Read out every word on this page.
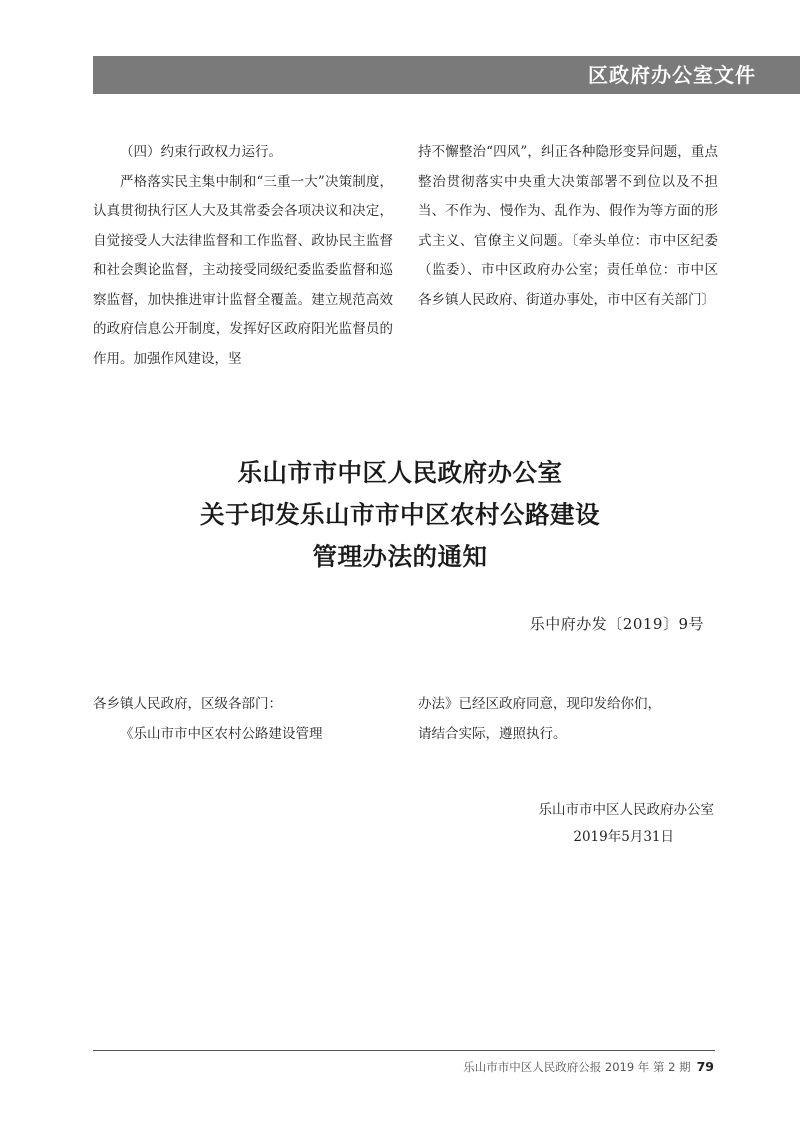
区政府办公室文件

（四）约束行政权力运行。

严格落实民主集中制和“三重一大”决策制度，认真贯彻执行区人大及其常委会各项决议和决定，自觉接受人大法律监督和工作监督、政协民主监督和社会舆论监督，主动接受同级纪委监委监督和巡察监督，加快推进审计监督全覆盖。建立规范高效的政府信息公开制度，发挥好区政府阳光监督员的作用。加强作风建设，坚

持不懈整治“四风”，纠正各种隐形变异问题，重点整治贯彻落实中央重大决策部署不到位以及不担当、不作为、慢作为、乱作为、假作为等方面的形式主义、官僚主义问题。〔牵头单位：市中区纪委（监委）、市中区政府办公室；责任单位：市中区各乡镇人民政府、街道办事处，市中区有关部门〕

乐山市市中区人民政府办公室
关于印发乐山市市中区农村公路建设
管理办法的通知
乐中府办发〔2019〕9号

各乡镇人民政府，区级各部门：

《乐山市市中区农村公路建设管理

办法》已经区政府同意，现印发给你们，

请结合实际，遵照执行。

乐山市市中区人民政府办公室
2019年5月31日
乐山市市中区人民政府公报 2019 年 第 2 期 79
